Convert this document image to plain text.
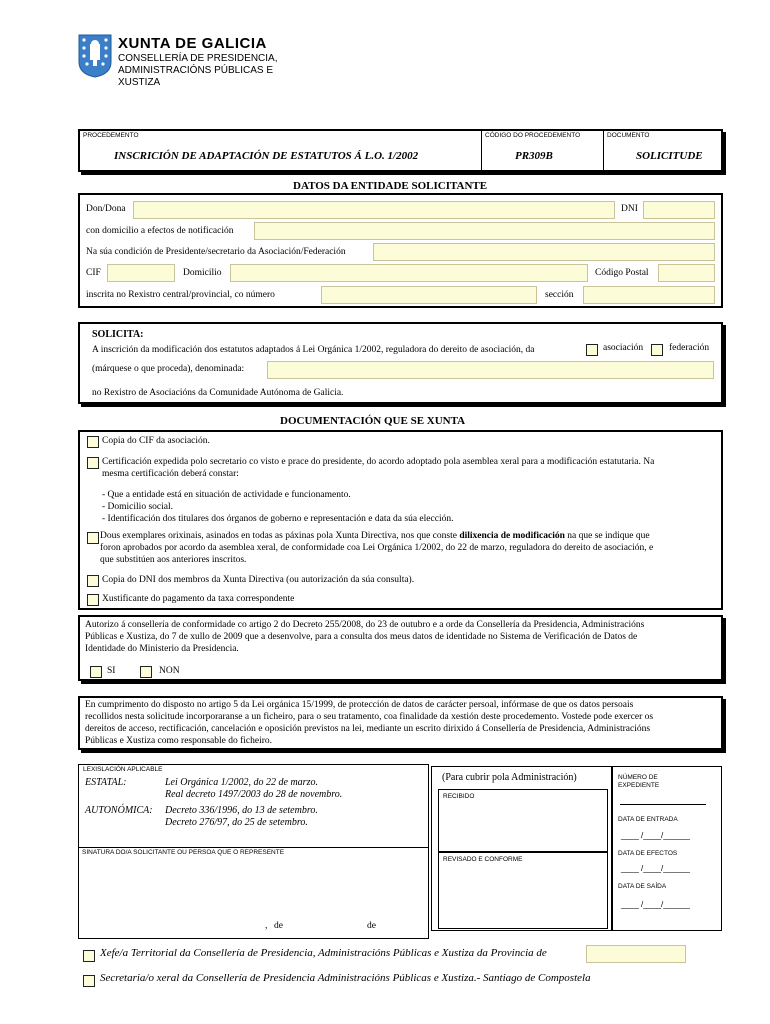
XUNTA DE GALICIA
CONSELLERÍA DE PRESIDENCIA,
ADMINISTRACIÓNS PÚBLICAS E
XUSTIZA
PROCEDEMENTO	CÓDIGO DO PROCEDEMENTO	DOCUMENTO
INSCRICIÓN DE ADAPTACIÓN DE ESTATUTOS Á L.O. 1/2002	PR309B	SOLICITUDE
DATOS DA ENTIDADE SOLICITANTE
Don/Dona	DNI
con domicilio a efectos de notificación
Na súa condición de Presidente/secretario da Asociación/Federación
CIF	Domicilio	Código Postal
inscrita no Rexistro central/provincial, co número	sección
SOLICITA:
A inscrición da modificación dos estatutos adaptados á Lei Orgánica 1/2002, reguladora do dereito de asociación, da	asociación	federación
(márquese o que proceda), denominada:
no Rexistro de Asociacións da Comunidade Autónoma de Galicia.
DOCUMENTACIÓN QUE SE XUNTA
Copia do CIF da asociación.
Certificación expedida polo secretario co visto e prace do presidente, do acordo adoptado pola asemblea xeral para a modificación estatutaria. Na
mesma certificación deberá constar:
- Que a entidade está en situación de actividade e funcionamento.
- Domicilio social.
- Identificación dos titulares dos órganos de goberno e representación e data da súa elección.
Dous exemplares orixinais, asinados en todas as páxinas pola Xunta Directiva, nos que conste dilixencia de modificación na que se indique que
foron aprobados por acordo da asemblea xeral, de conformidade coa Lei Orgánica 1/2002, do 22 de marzo, reguladora do dereito de asociación, e
que substitúen aos anteriores inscritos.
Copia do DNI dos membros da Xunta Directiva (ou autorización da súa consulta).
Xustificante do pagamento da taxa correspondente
Autorizo á consellería de conformidade co artigo 2 do Decreto 255/2008, do 23 de outubro e a orde da Consellería da Presidencia, Administracións
Públicas e Xustiza, do 7 de xullo de 2009 que a desenvolve, para a consulta dos meus datos de identidade no Sistema de Verificación de Datos de
Identidade do Ministerio da Presidencia.
SI	NON
En cumprimento do disposto no artigo 5 da Lei orgánica 15/1999, de protección de datos de carácter persoal, infórmase de que os datos persoais
recollidos nesta solicitude incorporaranse a un ficheiro, para o seu tratamento, coa finalidade da xestión deste procedemento. Vostede pode exercer os
dereitos de acceso, rectificación, cancelación e oposición previstos na lei, mediante un escrito dirixido á Consellería de Presidencia, Administracións
Públicas e Xustiza como responsable do ficheiro.
LEXISLACIÓN APLICABLE
ESTATAL:	Lei Orgánica 1/2002, do 22 de marzo.
Real decreto 1497/2003 do 28 de novembro.
AUTONÓMICA: Decreto 336/1996, do 13 de setembro.
Decreto 276/97, do 25 de setembro.
SINATURA DO/A SOLICITANTE OU PERSOA QUE O REPRESENTE
, de	de
(Para cubrir pola Administración)
RECIBIDO
REVISADO E CONFORME
NÚMERO DE
EXPEDIENTE
DATA DE ENTRADA
____ /____/______
DATA DE EFECTOS
____ /____/______
DATA DE SAÍDA
____ /____/______
Xefe/a Territorial da Consellería de Presidencia, Administracións Públicas e Xustiza da Provincia de
Secretaria/o xeral da Consellería de Presidencia Administracións Públicas e Xustiza.- Santiago de Compostela
